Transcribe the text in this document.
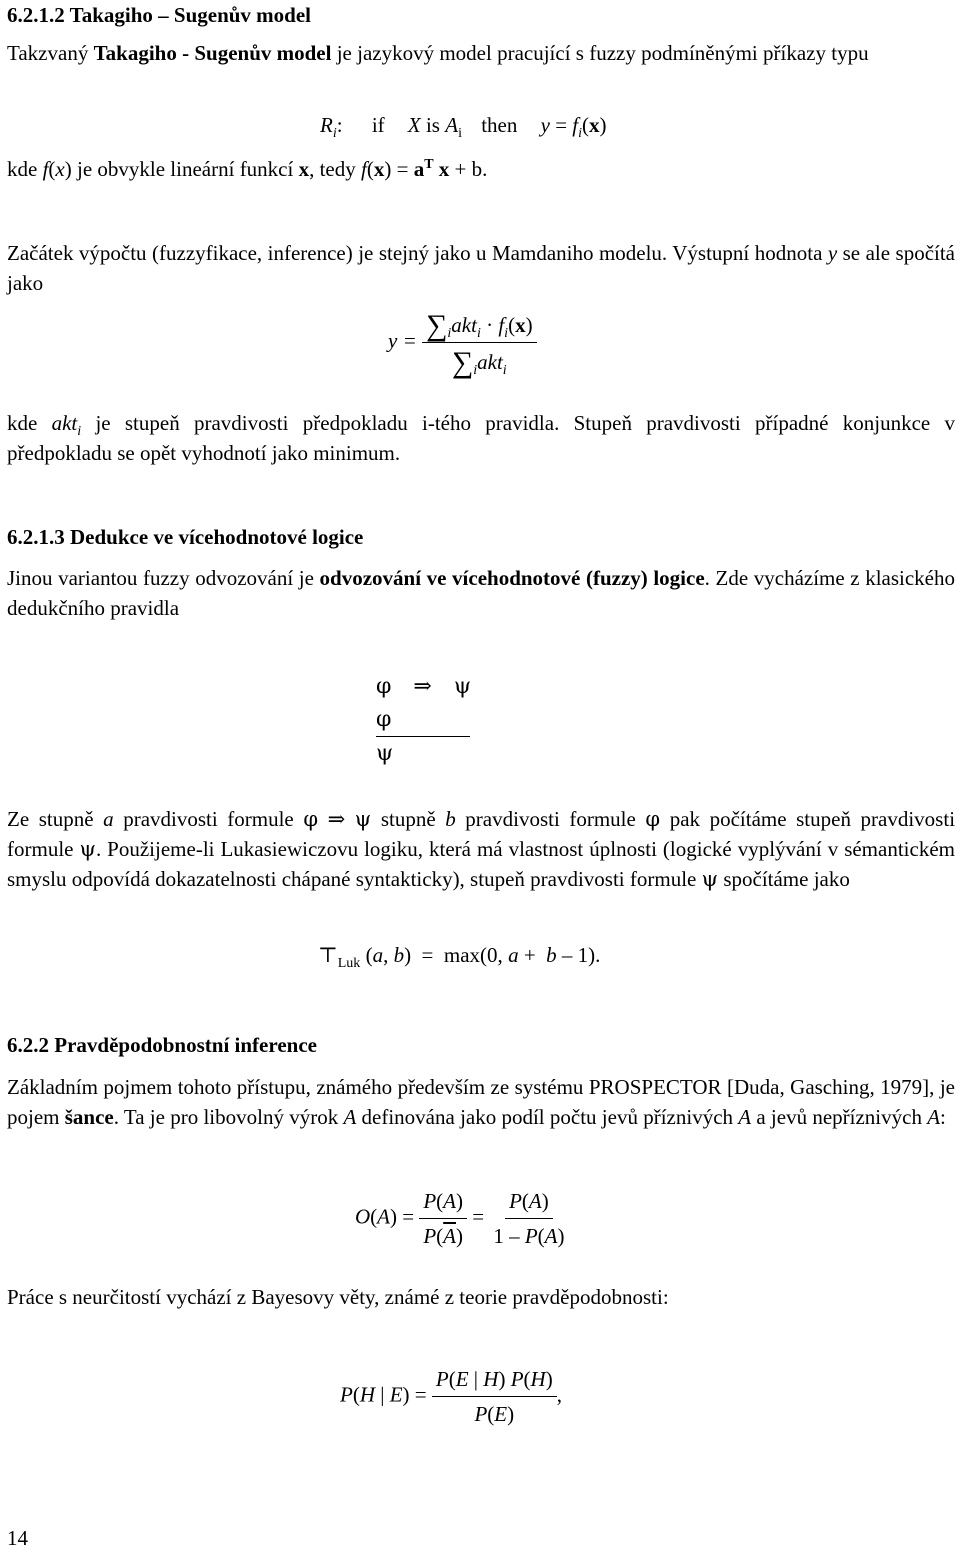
6.2.1.2 Takagiho – Sugenův model
Takzvaný Takagiho - Sugenův model je jazykový model pracující s fuzzy podmíněnými příkazy typu
$R_i$: if X is $A_i$ then $y = f_i(x)$
kde f(x) je obvykle lineární funkcí x, tedy $f(x) = a^T$ x + b.
Začátek výpočtu (fuzzyfikace, inference) je stejný jako u Mamdaniho modelu. Výstupní hodnota y se ale spočítá jako
$y = \frac{\sum_iakt_i \cdot f_i(x)}{\sum_iakt_i}$
kde akt$_i$ je stupeň pravdivosti předpokladu i-tého pravidla. Stupeň pravdivosti případné konjunkce v předpokladu se opět vyhodnotí jako minimum.
6.2.1.3 Dedukce ve vícehodnotové logice
Jinou variantou fuzzy odvozování je odvozování ve vícehodnotové (fuzzy) logice. Zde vycházíme z klasického dedukčního pravidla
φ ⇒ ψ
φ
ψ
Ze stupně a pravdivosti formule φ ⇒ ψ stupně b pravdivosti formule φ pak počítáme stupeň pravdivosti formule ψ. Použijeme-li Lukasiewiczovu logiku, která má vlastnost úplnosti (logické vyplývání v sémantickém smyslu odpovídá dokazatelnosti chápané syntakticky), stupeň pravdivosti formule ψ spočítáme jako
$⊤_{Luk}$ (a, b)  =  max(0, a +  b – 1).
6.2.2 Pravděpodobnostní inference
Základním pojmem tohoto přístupu, známého především ze systému PROSPECTOR [Duda, Gasching, 1979], je pojem šance. Ta je pro libovolný výrok A definována jako podíl počtu jevů příznivých A a jevů nepříznivých A:
$O(A) = \frac{P(A)}{P(\overline{A})} = \frac{P(A)}{1 - P(A)}$
Práce s neurčitostí vychází z Bayesovy věty, známé z teorie pravděpodobnosti:
P(H | $E) = \frac{P(E | H) P(H)}{P(E)}$ ,
14
